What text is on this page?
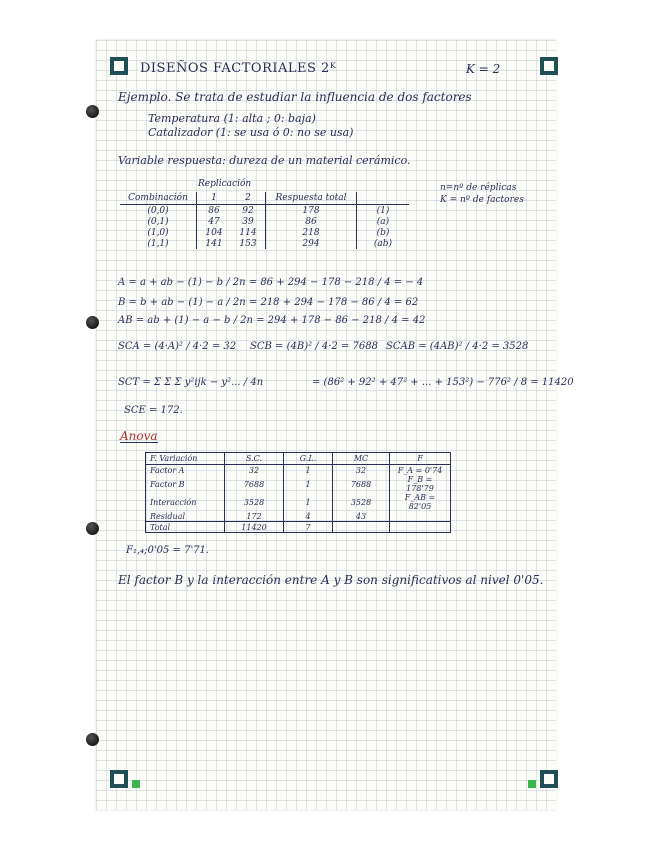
DISEÑOS FACTORIALES 2ᴷ	K = 2
Ejemplo. Se trata de estudiar la influencia de dos factores
Temperatura (1: alta ; 0: baja)
Catalizador (1: se usa ó 0: no se usa)
Variable respuesta: dureza de un material cerámico.
n=nº de réplicas
K = nº de factores
Replicación
Combinación	1	2	Respuesta total	
(0,0)	86	92	178	(1)
(0,1)	47	39	86	(a)
(1,0)	104	114	218	(b)
(1,1)	141	153	294	(ab)
A = a + ab − (1) − b / 2n = 86 + 294 − 178 − 218 / 4 = − 4
B = b + ab − (1) − a / 2n = 218 + 294 − 178 − 86 / 4 = 62
AB = ab + (1) − a − b / 2n = 294 + 178 − 86 − 218 / 4 = 42
SCA = (4·A)² / 4·2 = 32 SCB = (4B)² / 4·2 = 7688 SCAB = (4AB)² / 4·2 = 3528
SCT = Σ Σ Σ y²ijk − y²... / 4n	= (86² + 92² + 47² + ... + 153²) − 776² / 8 = 11420
SCE = 172.
Anova
F. Variación	S.C.	G.L.	MC	F
Factor A	32	1	32	F_A = 0'74
Factor B	7688	1	7688	F_B = 178'79
Interacción	3528	1	3528	F_AB = 82'05
Residual	172	4	43	
Total	11420	7		
F₁,₄;0'05 = 7'71.
El factor B y la interacción entre A y B son significativos al nivel 0'05.
